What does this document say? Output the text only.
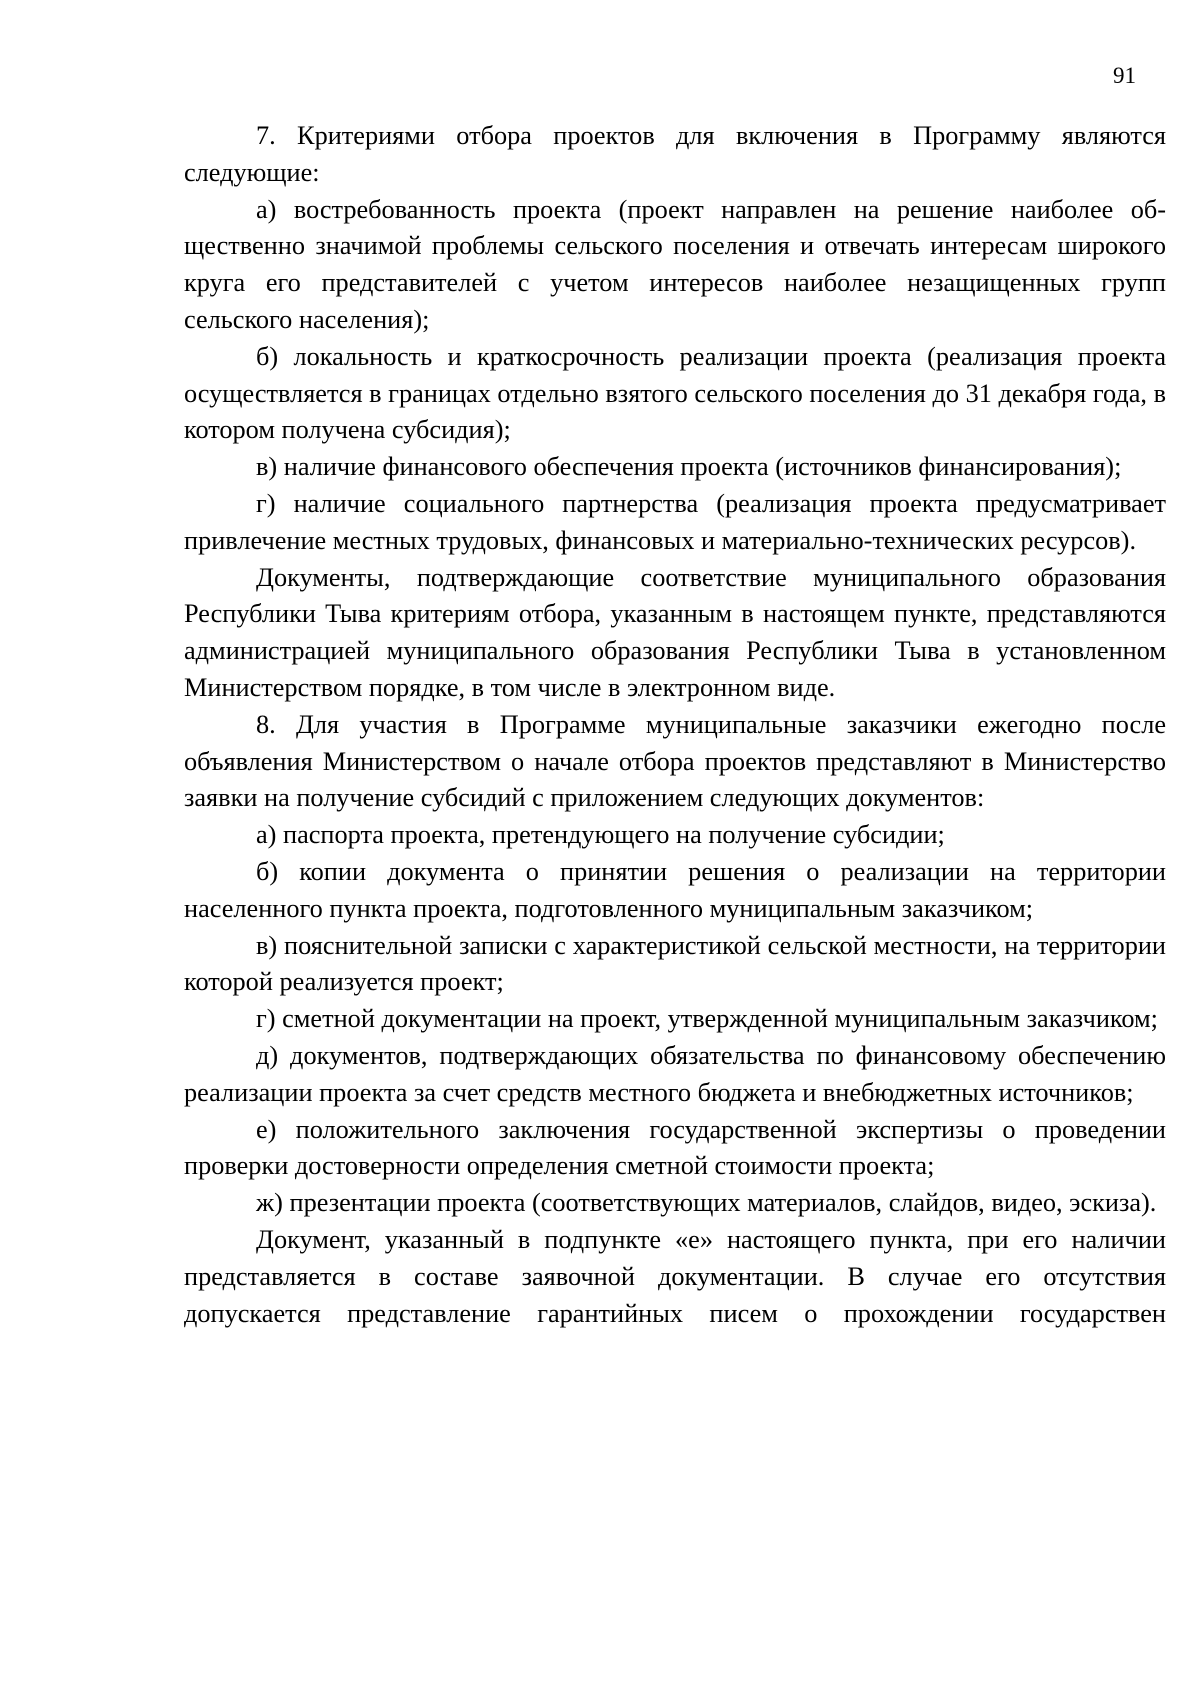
91

7. Критериями отбора проектов для включения в Программу являются следующие:

а) востребованность проекта (проект направлен на решение наиболее общественно значимой проблемы сельского поселения и отвечать интересам широкого круга его представителей с учетом интересов наиболее незащищенных групп сельского населения);

б) локальность и краткосрочность реализации проекта (реализация проекта осуществляется в границах отдельно взятого сельского поселения до 31 декабря года, в котором получена субсидия);

в) наличие финансового обеспечения проекта (источников финансирования);

г) наличие социального партнерства (реализация проекта предусматривает привлечение местных трудовых, финансовых и материально-технических ресурсов).

Документы, подтверждающие соответствие муниципального образования Республики Тыва критериям отбора, указанным в настоящем пункте, представляются администрацией муниципального образования Республики Тыва в установленном Министерством порядке, в том числе в электронном виде.

8. Для участия в Программе муниципальные заказчики ежегодно после объявления Министерством о начале отбора проектов представляют в Министерство заявки на получение субсидий с приложением следующих документов:

а) паспорта проекта, претендующего на получение субсидии;

б) копии документа о принятии решения о реализации на территории населенного пункта проекта, подготовленного муниципальным заказчиком;

в) пояснительной записки с характеристикой сельской местности, на территории которой реализуется проект;

г) сметной документации на проект, утвержденной муниципальным заказчиком;

д) документов, подтверждающих обязательства по финансовому обеспечению реализации проекта за счет средств местного бюджета и внебюджетных источников;

е) положительного заключения государственной экспертизы о проведении проверки достоверности определения сметной стоимости проекта;

ж) презентации проекта (соответствующих материалов, слайдов, видео, эскиза).

Документ, указанный в подпункте «е» настоящего пункта, при его наличии представляется в составе заявочной документации. В случае его отсутствия допускается представление гарантийных писем о прохождении государствен
